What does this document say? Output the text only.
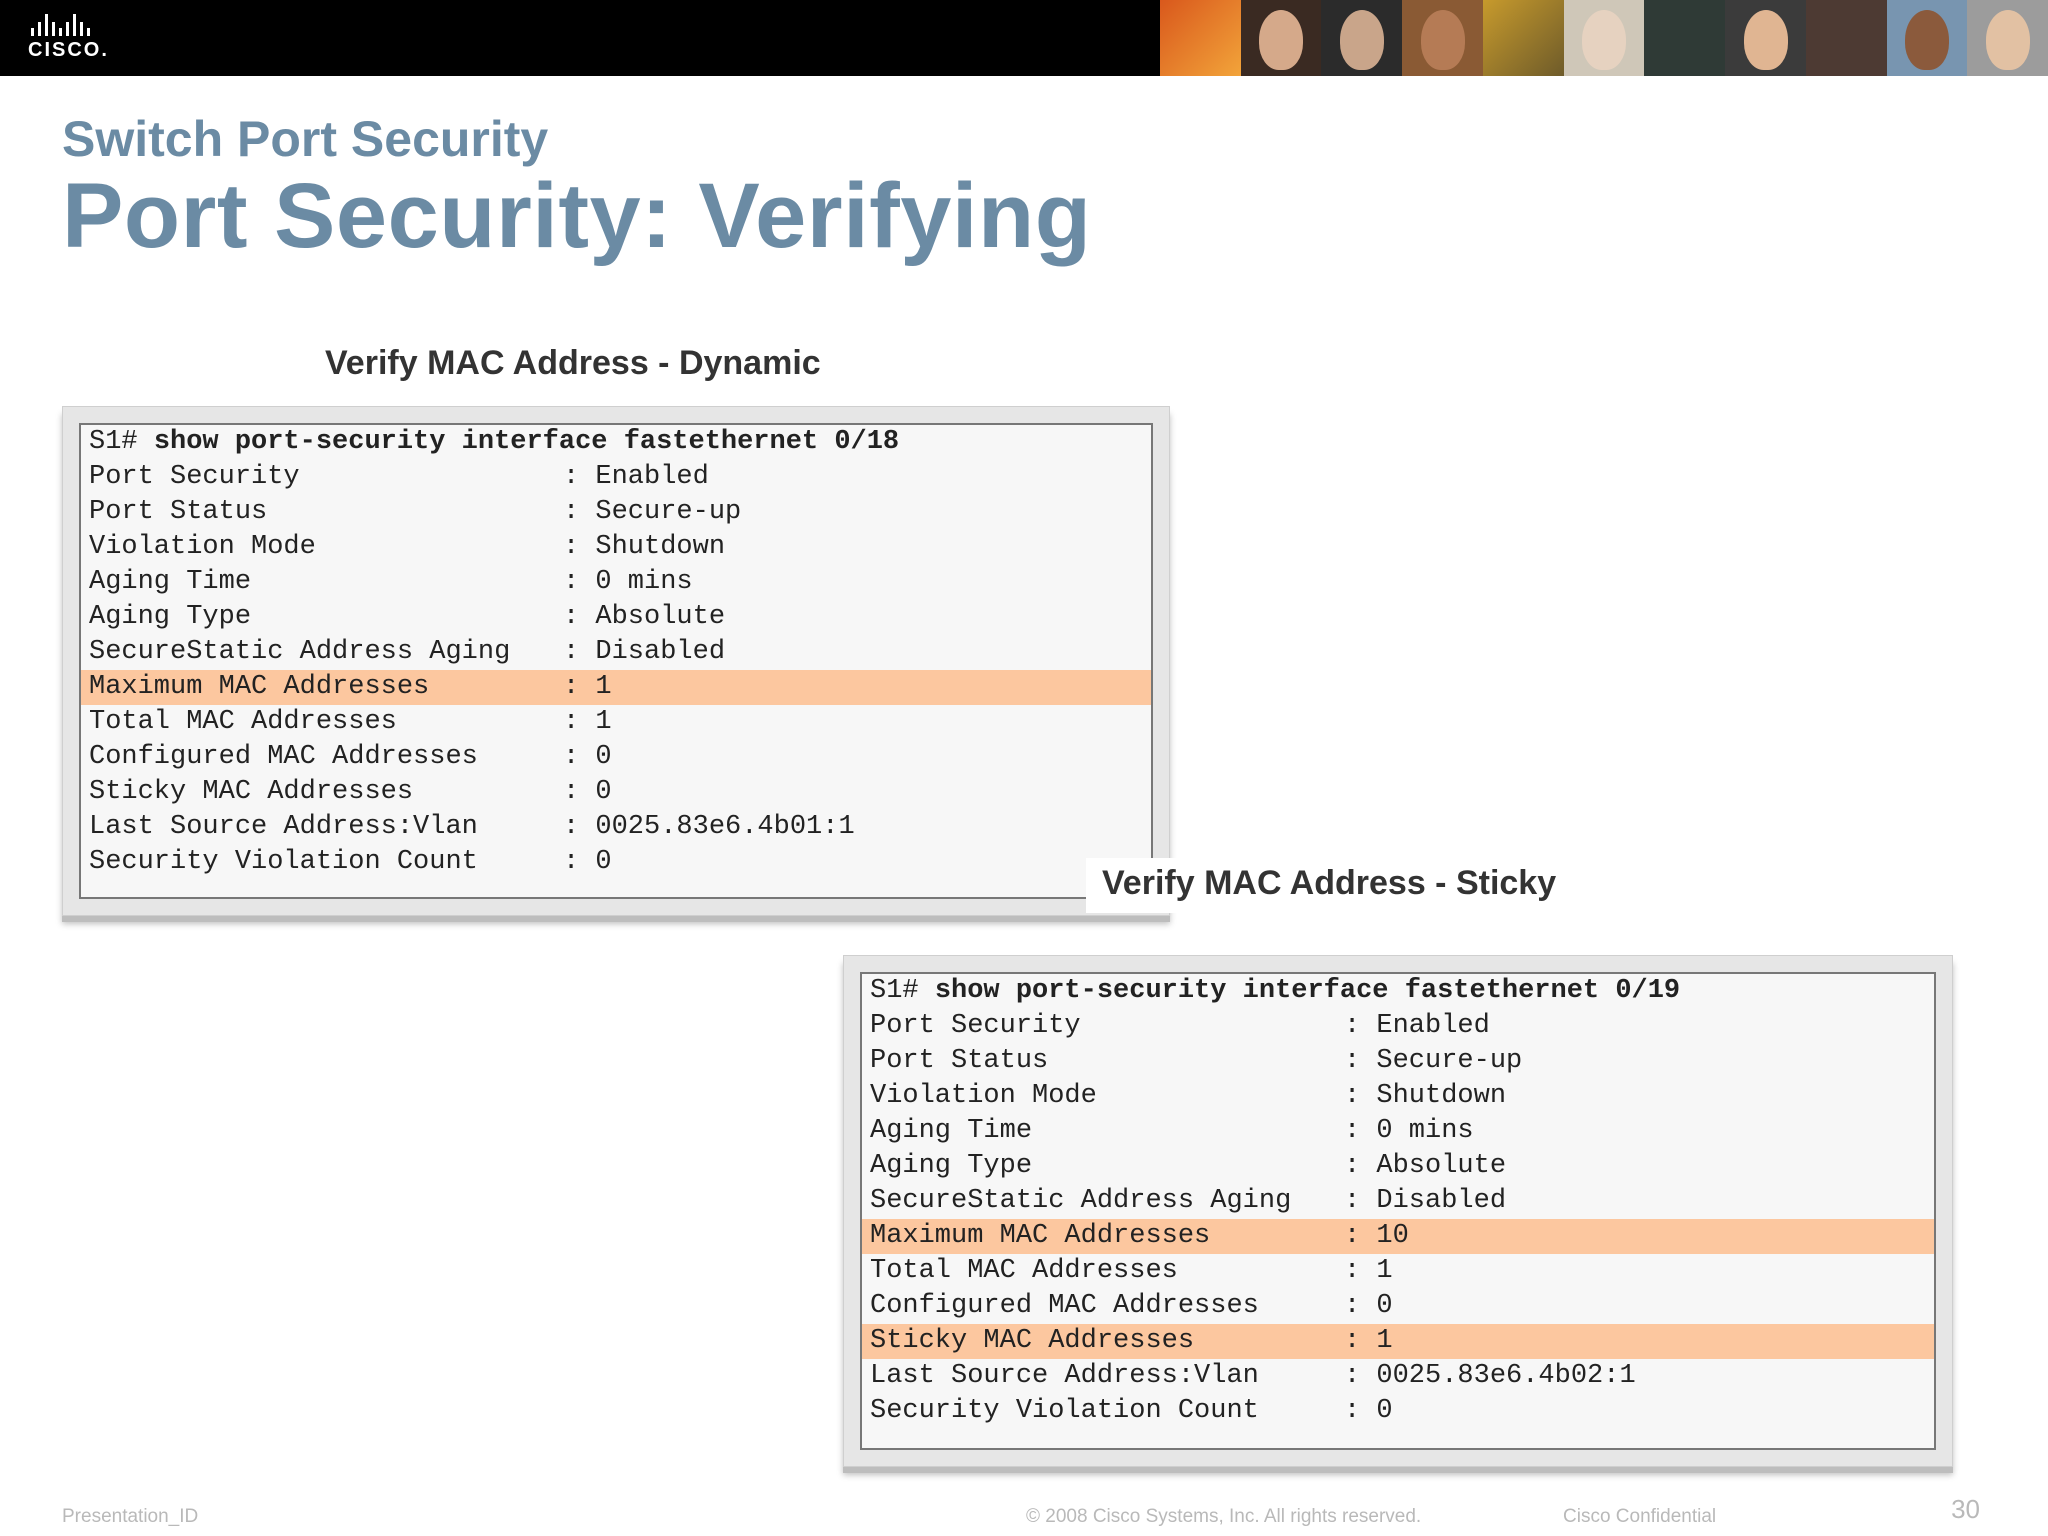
CISCO.
Switch Port Security
Port Security: Verifying
Verify MAC Address - Dynamic
S1# show port-security interface fastethernet 0/18
Port Security	: Enabled
Port Status	: Secure-up
Violation Mode	: Shutdown
Aging Time	: 0 mins
Aging Type	: Absolute
SecureStatic Address Aging : Disabled
Maximum MAC Addresses	: 1
Total MAC Addresses	: 1
Configured MAC Addresses	: 0
Sticky MAC Addresses	: 0
Last Source Address:Vlan	: 0025.83e6.4b01:1
Security Violation Count	: 0
Verify MAC Address - Sticky
S1# show port-security interface fastethernet 0/19
Port Security	: Enabled
Port Status	: Secure-up
Violation Mode	: Shutdown
Aging Time	: 0 mins
Aging Type	: Absolute
SecureStatic Address Aging : Disabled
Maximum MAC Addresses	: 10
Total MAC Addresses	: 1
Configured MAC Addresses	: 0
Sticky MAC Addresses	: 1
Last Source Address:Vlan	: 0025.83e6.4b02:1
Security Violation Count	: 0
Presentation_ID	© 2008 Cisco Systems, Inc. All rights reserved.	Cisco Confidential	30
